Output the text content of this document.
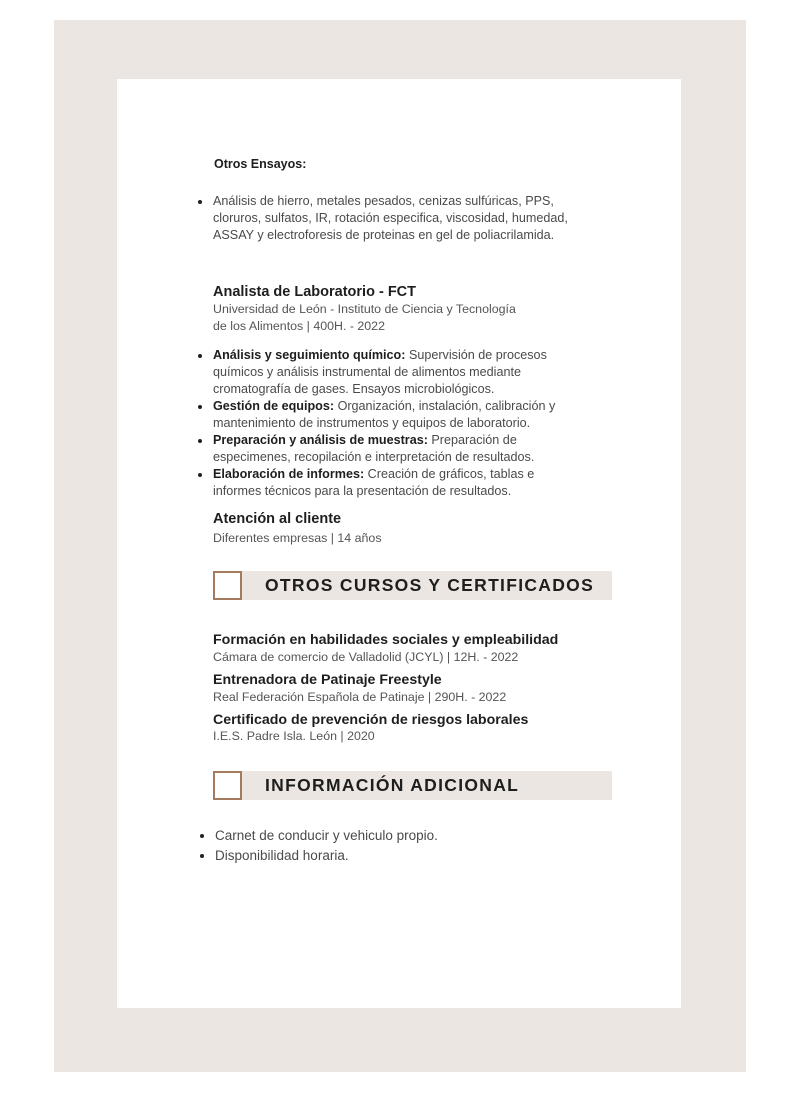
Otros Ensayos:
Análisis de hierro, metales pesados, cenizas sulfúricas, PPS, cloruros, sulfatos, IR, rotación especifica, viscosidad, humedad, ASSAY y electroforesis de proteinas en gel de poliacrilamida.
Analista de Laboratorio - FCT
Universidad de León - Instituto de Ciencia y Tecnología
de los Alimentos | 400H. - 2022
Análisis y seguimiento químico: Supervisión de procesos químicos y análisis instrumental de alimentos mediante cromatografía de gases. Ensayos microbiológicos.
Gestión de equipos: Organización, instalación, calibración y mantenimiento de instrumentos y equipos de laboratorio.
Preparación y análisis de muestras: Preparación de especimenes, recopilación e interpretación de resultados.
Elaboración de informes: Creación de gráficos, tablas e informes técnicos para la presentación de resultados.
Atención al cliente
Diferentes empresas | 14 años
OTROS CURSOS Y CERTIFICADOS
Formación en habilidades sociales y empleabilidad
Cámara de comercio de Valladolid (JCYL) | 12H. - 2022
Entrenadora de Patinaje Freestyle
Real Federación Española de Patinaje | 290H. - 2022
Certificado de prevención de riesgos laborales
I.E.S. Padre Isla. León | 2020
INFORMACIÓN ADICIONAL
Carnet de conducir y vehiculo propio.
Disponibilidad horaria.
